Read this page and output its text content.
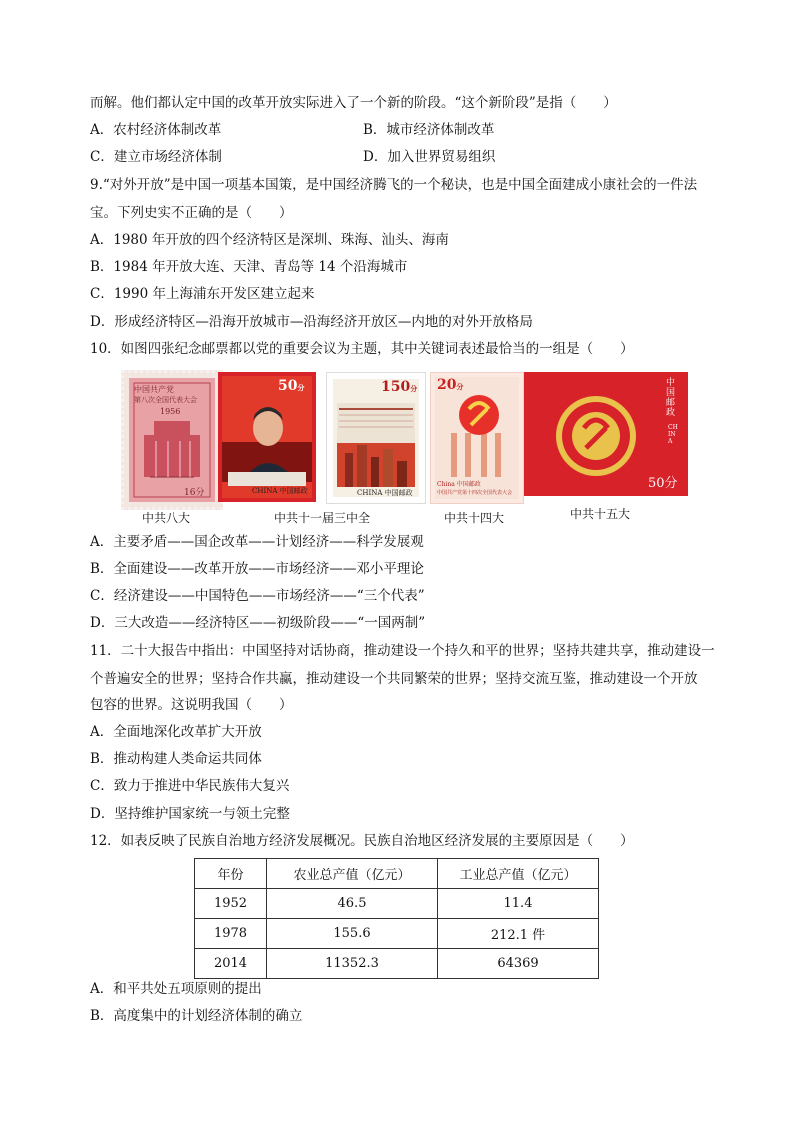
而解。他们都认定中国的改革开放实际进入了一个新的阶段。“这个新阶段”是指（　　）
A．农村经济体制改革	B．城市经济体制改革
C．建立市场经济体制	D．加入世界贸易组织
9.“对外开放”是中国一项基本国策，是中国经济腾飞的一个秘诀，也是中国全面建成小康社会的一件法
宝。下列史实不正确的是（　　）
A．1980 年开放的四个经济特区是深圳、珠海、汕头、海南
B．1984 年开放大连、天津、青岛等 14 个沿海城市
C．1990 年上海浦东开发区建立起来
D．形成经济特区—沿海开放城市—沿海经济开放区—内地的对外开放格局
10．如图四张纪念邮票都以党的重要会议为主题，其中关键词表述最恰当的一组是（　　）
中国共产党
第八次全国代表大会
1956
16分
50分
CHINA 中国邮政
150分
CHINA 中国邮政
20分
China 中国邮政
中国共产党第十四次全国代表大会
中国邮政
CHINA
50分
中共八大	中共十一届三中全	中共十四大	中共十五大
A．主要矛盾——国企改革——计划经济——科学发展观
B．全面建设——改革开放——市场经济——邓小平理论
C．经济建设——中国特色——市场经济——“三个代表”
D．三大改造——经济特区——初级阶段——“一国两制”
11．二十大报告中指出：中国坚持对话协商，推动建设一个持久和平的世界；坚持共建共享，推动建设一
个普遍安全的世界；坚持合作共赢，推动建设一个共同繁荣的世界；坚持交流互鉴，推动建设一个开放
包容的世界。这说明我国（　　）
A．全面地深化改革扩大开放
B．推动构建人类命运共同体
C．致力于推进中华民族伟大复兴
D．坚持维护国家统一与领土完整
12．如表反映了民族自治地方经济发展概况。民族自治地区经济发展的主要原因是（　　）
年份	农业总产值（亿元）	工业总产值（亿元）
1952	46.5	11.4
1978	155.6	212.1 件
2014	11352.3	64369
A．和平共处五项原则的提出
B．高度集中的计划经济体制的确立
